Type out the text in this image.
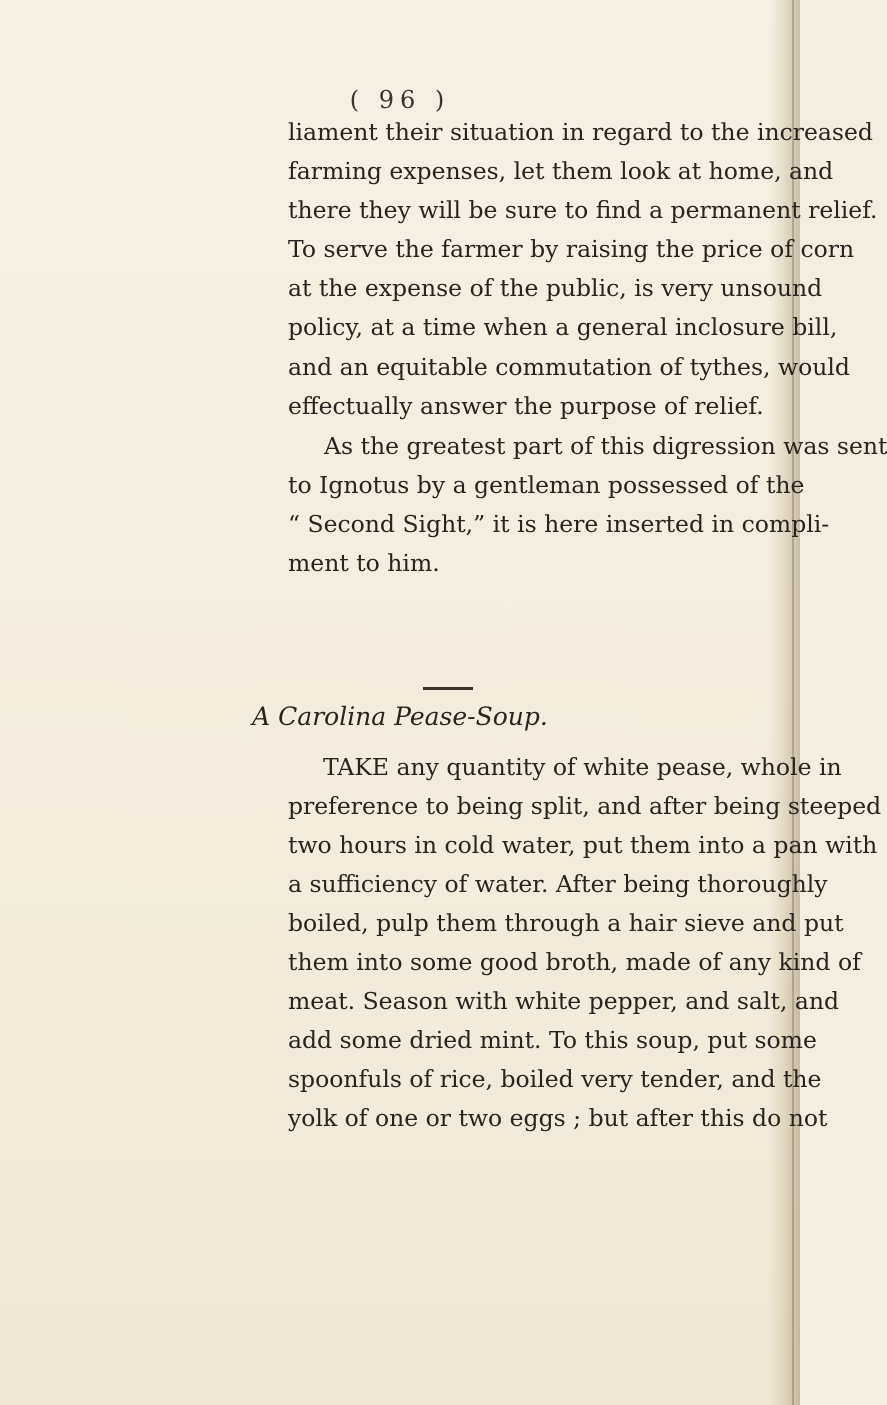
( 96 )
liament their situation in regard to the increased
farming expenses, let them look at home, and
there they will be sure to find a permanent relief.
To serve the farmer by raising the price of corn
at the expense of the public, is very unsound
policy, at a time when a general inclosure bill,
and an equitable commutation of tythes, would
effectually answer the purpose of relief.
As the greatest part of this digression was sent
to Ignotus by a gentleman possessed of the
“ Second Sight,” it is here inserted in compli-
ment to him.
A Carolina Pease-Soup.
TAKE any quantity of white pease, whole in
preference to being split, and after being steeped
two hours in cold water, put them into a pan with
a sufficiency of water. After being thoroughly
boiled, pulp them through a hair sieve and put
them into some good broth, made of any kind of
meat. Season with white pepper, and salt, and
add some dried mint. To this soup, put some
spoonfuls of rice, boiled very tender, and the
yolk of one or two eggs ; but after this do not
